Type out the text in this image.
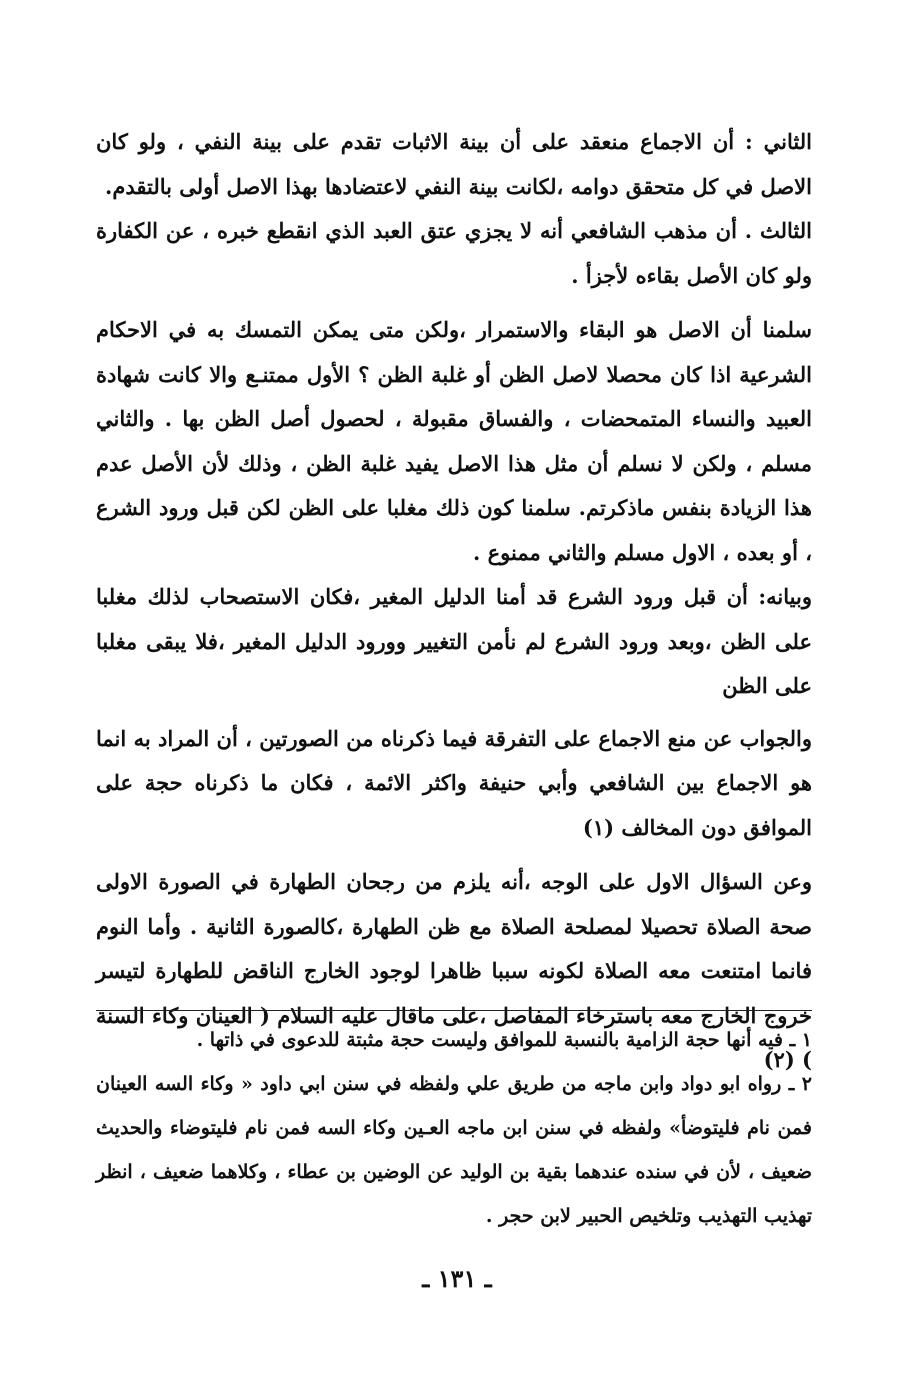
الثاني : أن الاجماع منعقد على أن بينة الاثبات تقدم على بينة النفي ، ولو كان الاصل في كل متحقق دوامه ،لكانت بينة النفي لاعتضادها بهذا الاصل أولى بالتقدم.

الثالث . أن مذهب الشافعي أنه لا يجزي عتق العبد الذي انقطع خبره ، عن الكفارة ولو كان الأصل بقاءه لأجزأ .

سلمنا أن الاصل هو البقاء والاستمرار ،ولكن متى يمكن التمسك به في الاحكام الشرعية اذا كان محصلا لاصل الظن أو غلبة الظن ؟ الأول ممتنـع والا كانت شهادة العبيد والنساء المتمحضات ، والفساق مقبولة ، لحصول أصل الظن بها . والثاني مسلم ، ولكن لا نسلم أن مثل هذا الاصل يفيد غلبة الظن ، وذلك لأن الأصل عدم هذا الزيادة بنفس ماذكرتم. سلمنا كون ذلك مغلبا على الظن لكن قبل ورود الشرع ، أو بعده ، الاول مسلم والثاني ممنوع .

وبيانه: أن قبل ورود الشرع قد أمنا الدليل المغير ،فكان الاستصحاب لذلك مغلبا على الظن ،وبعد ورود الشرع لم نأمن التغيير وورود الدليل المغير ،فلا يبقى مغلبا على الظن

والجواب عن منع الاجماع على التفرقة فيما ذكرناه من الصورتين ، أن المراد به انما هو الاجماع بين الشافعي وأبي حنيفة واكثر الائمة ، فكان ما ذكرناه حجة على الموافق دون المخالف (١)

وعن السؤال الاول على الوجه ،أنه يلزم من رجحان الطهارة في الصورة الاولى صحة الصلاة تحصيلا لمصلحة الصلاة مع ظن الطهارة ،كالصورة الثانية . وأما النوم فانما امتنعت معه الصلاة لكونه سببا ظاهرا لوجود الخارج الناقض للطهارة لتيسر خروج الخارج معه باسترخاء المفاصل ،على ماقال عليه السلام ( العينان وكاء السنة ) (٢)

١ ـ فيه أنها حجة الزامية بالنسبة للموافق وليست حجة مثبتة للدعوى في ذاتها .

٢ ـ رواه ابو دواد وابن ماجه من طريق علي ولفظه في سنن ابي داود « وكاء السه العينان فمن نام فليتوضأ» ولفظه في سنن ابن ماجه العـين وكاء السه فمن نام فليتوضاء والحديث ضعيف ، لأن في سنده عندهما بقية بن الوليد عن الوضين بن عطاء ، وكلاهما ضعيف ، انظر تهذيب التهذيب وتلخيص الحبير لابن حجر .

ـ ١٣١ ـ
